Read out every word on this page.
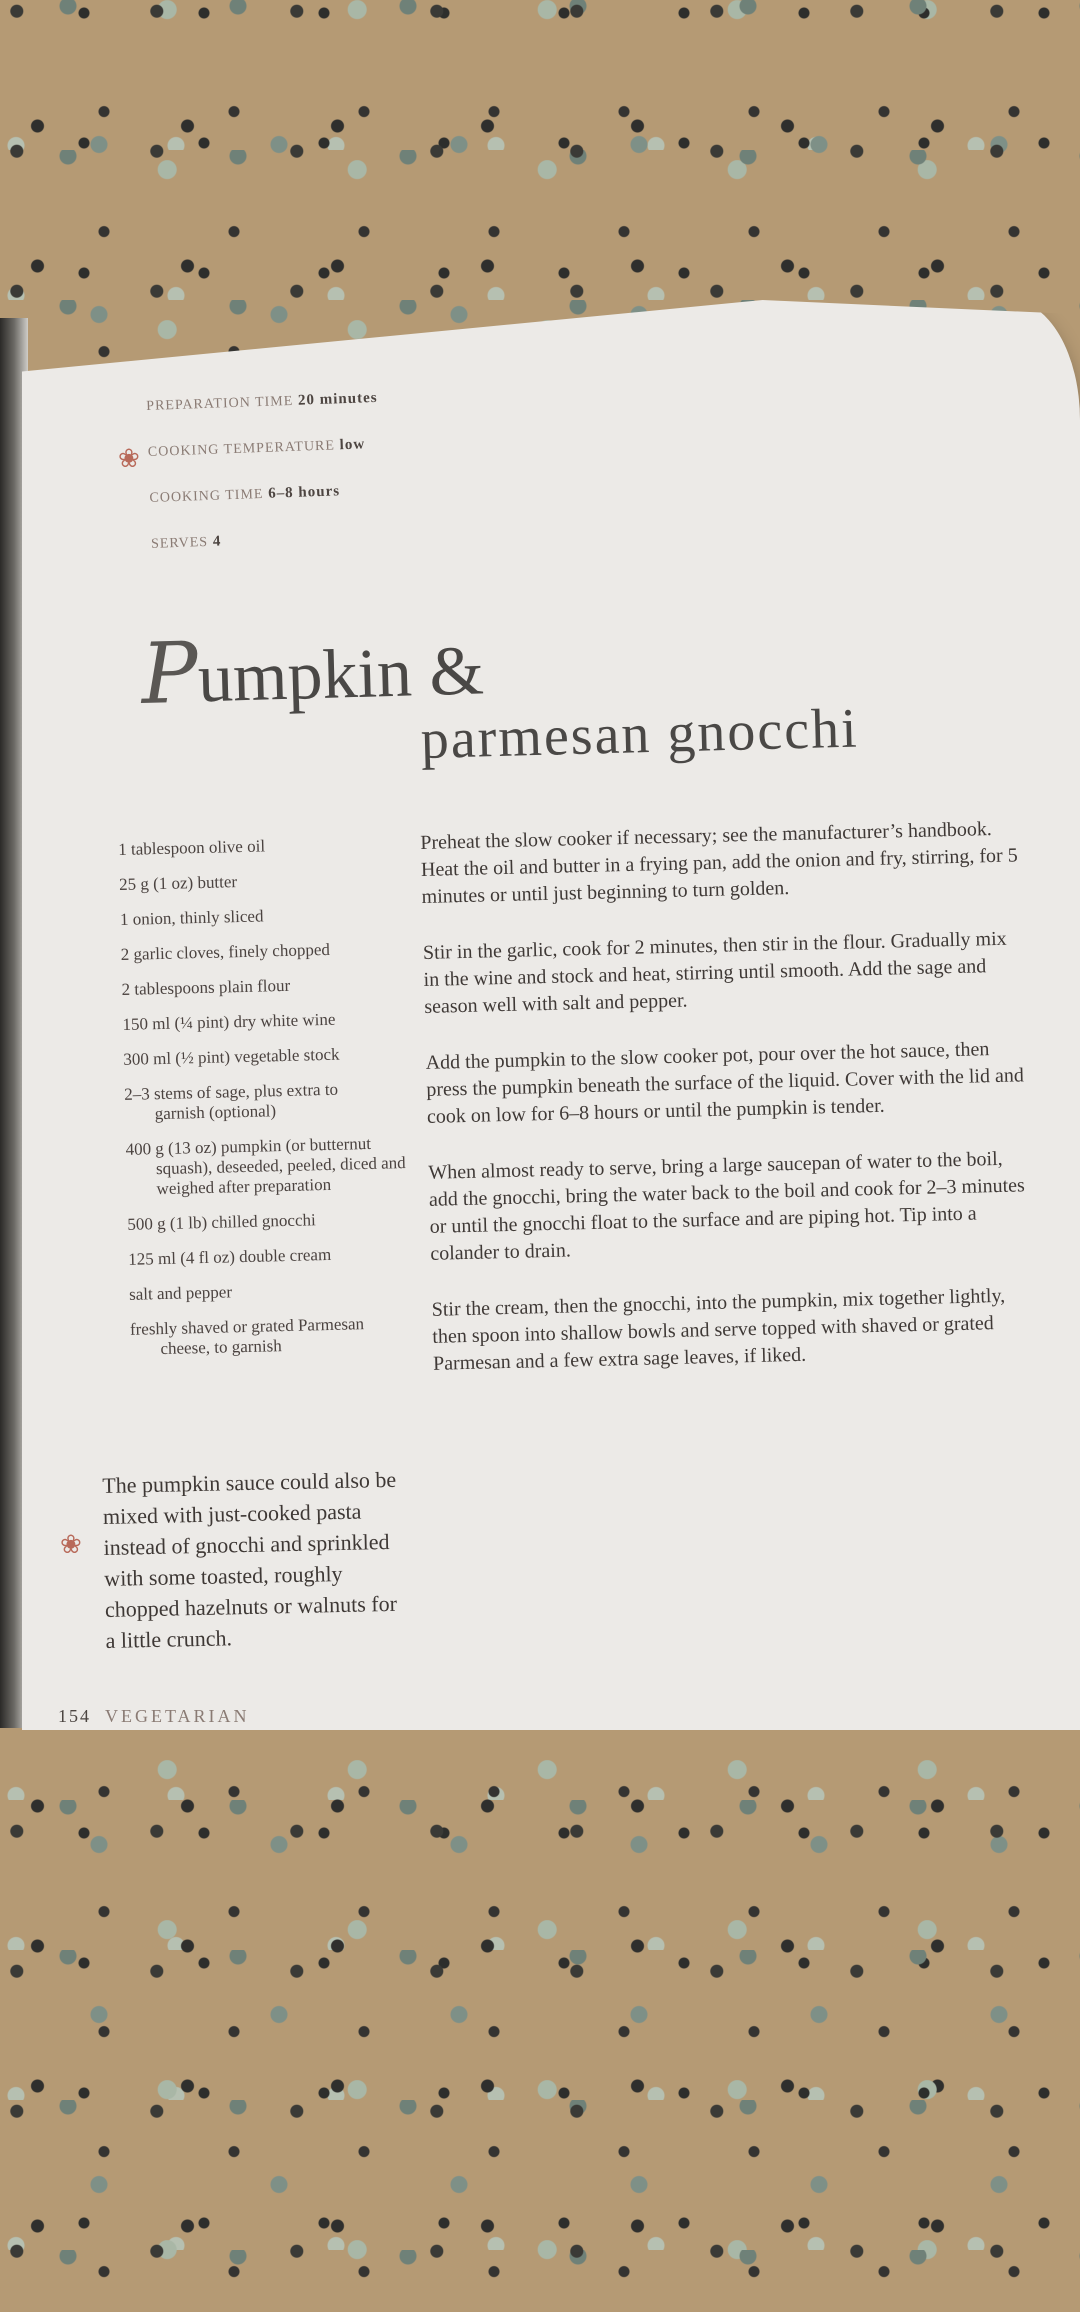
❀
PREPARATION TIME 20 minutes
COOKING TEMPERATURE low
COOKING TIME 6–8 hours
SERVES 4
Pumpkin &
parmesan gnocchi
1 tablespoon olive oil
25 g (1 oz) butter
1 onion, thinly sliced
2 garlic cloves, finely chopped
2 tablespoons plain flour
150 ml (¼ pint) dry white wine
300 ml (½ pint) vegetable stock
2–3 stems of sage, plus extra to
garnish (optional)
400 g (13 oz) pumpkin (or butternut
squash), deseeded, peeled, diced and weighed after preparation
500 g (1 lb) chilled gnocchi
125 ml (4 fl oz) double cream
salt and pepper
freshly shaved or grated Parmesan
cheese, to garnish

Preheat the slow cooker if necessary; see the manufacturer’s handbook. Heat the oil and butter in a frying pan, add the onion and fry, stirring, for 5 minutes or until just beginning to turn golden.

Stir in the garlic, cook for 2 minutes, then stir in the flour. Gradually mix in the wine and stock and heat, stirring until smooth. Add the sage and season well with salt and pepper.

Add the pumpkin to the slow cooker pot, pour over the hot sauce, then press the pumpkin beneath the surface of the liquid. Cover with the lid and cook on low for 6–8 hours or until the pumpkin is tender.

When almost ready to serve, bring a large saucepan of water to the boil, add the gnocchi, bring the water back to the boil and cook for 2–3 minutes or until the gnocchi float to the surface and are piping hot. Tip into a colander to drain.

Stir the cream, then the gnocchi, into the pumpkin, mix together lightly, then spoon into shallow bowls and serve topped with shaved or grated Parmesan and a few extra sage leaves, if liked.

❀
The pumpkin sauce could also be mixed with just-cooked pasta instead of gnocchi and sprinkled with some toasted, roughly chopped hazelnuts or walnuts for a little crunch.
154 VEGETARIAN
